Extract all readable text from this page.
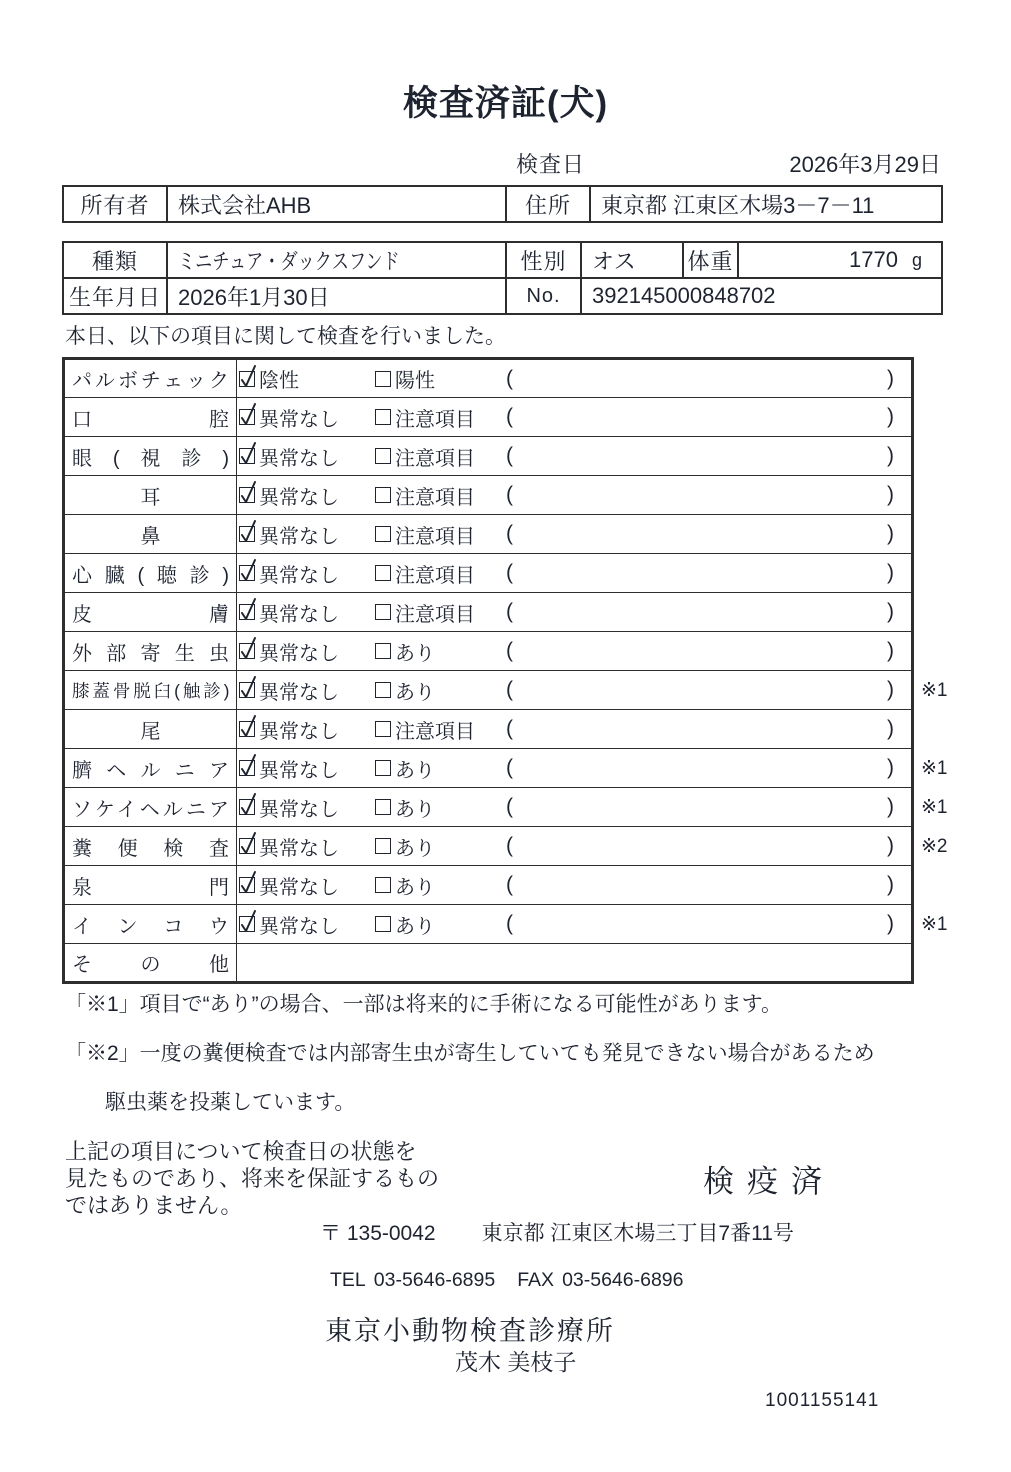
検査済証(犬)
検査日	2026年3月29日
所有者	株式会社AHB	住所	東京都 江東区木場3－7－11
種類	ミニチュア・ダックスフンド	性別	オス	体重	1770 g

生年月日	2026年1月30日	No.	392145000848702		

本日、以下の項目に関して検査を行いました。

パルボチェック	陰性 陽性 ( )	

口腔	異常なし 注意項目 ( )	

眼(視診)	異常なし 注意項目 ( )	

耳	異常なし 注意項目 ( )	

鼻	異常なし 注意項目 ( )	

心臓(聴診)	異常なし 注意項目 ( )	

皮膚	異常なし 注意項目 ( )	

外部寄生虫	異常なし あり ( )	

膝蓋骨脱臼(触診)	異常なし あり ( )	※1
尾	異常なし 注意項目 ( )	

臍ヘルニア	異常なし あり ( )	※1
ソケイヘルニア	異常なし あり ( )	※1
糞便検査	異常なし あり ( )	※2
泉門	異常なし あり ( )	

インコウ	異常なし あり ( )	※1
その他		

「※1」項目で“あり”の場合、一部は将来的に手術になる可能性があります。

「※2」一度の糞便検査では内部寄生虫が寄生していても発見できない場合があるため

駆虫薬を投薬しています。

上記の項目について検査日の状態を
見たものであり、将来を保証するもの
ではありません。
検疫済
〒 135-0042 東京都 江東区木場三丁目7番11号
TEL 03-5646-6895 FAX 03-5646-6896
東京小動物検査診療所
茂木 美枝子
1001155141
